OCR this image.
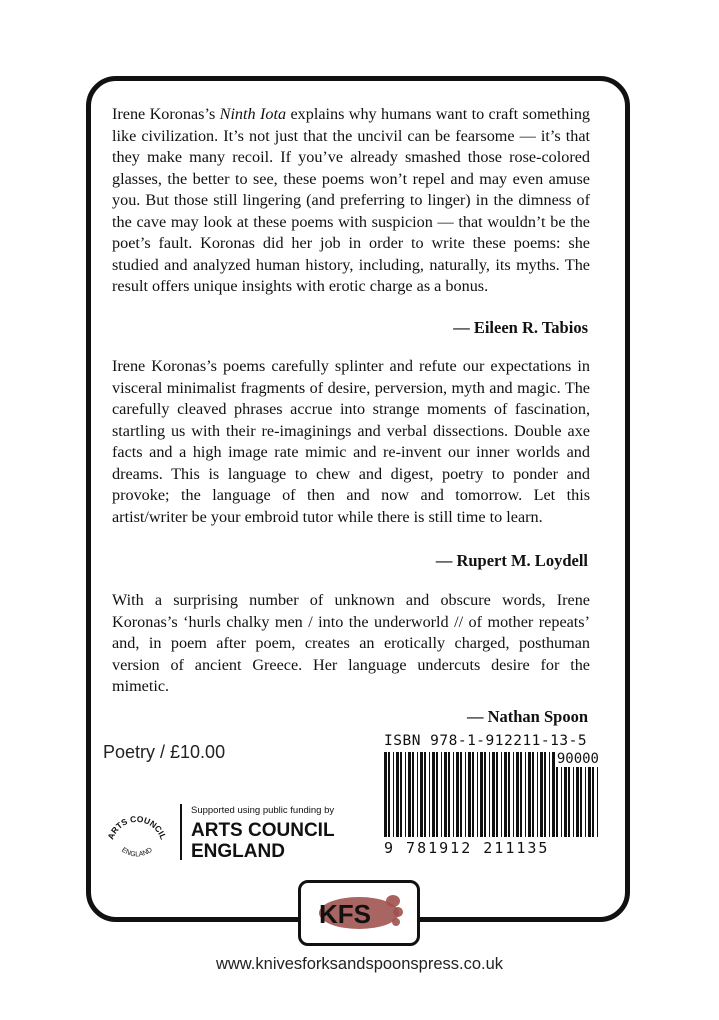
Irene Koronas’s Ninth Iota explains why humans want to craft something like civilization. It’s not just that the uncivil can be fearsome — it’s that they make many recoil. If you’ve already smashed those rose-colored glasses, the better to see, these poems won’t repel and may even amuse you. But those still lingering (and preferring to linger) in the dimness of the cave may look at these poems with suspicion — that wouldn’t be the poet’s fault. Koronas did her job in order to write these poems: she studied and analyzed human history, including, naturally, its myths. The result offers unique insights with erotic charge as a bonus.

— Eileen R. Tabios

Irene Koronas’s poems carefully splinter and refute our expectations in visceral minimalist fragments of desire, perversion, myth and magic. The carefully cleaved phrases accrue into strange moments of fascination, startling us with their re-imaginings and verbal dissections. Double axe facts and a high image rate mimic and re-invent our inner worlds and dreams. This is language to chew and digest, poetry to ponder and provoke; the language of then and now and tomorrow. Let this artist/writer be your embroid tutor while there is still time to learn.

— Rupert M. Loydell

With a surprising number of unknown and obscure words, Irene Koronas’s ‘hurls chalky men / into the underworld // of mother repeats’ and, in poem after poem, creates an erotically charged, posthuman version of ancient Greece. Her language undercuts desire for the mimetic.

— Nathan Spoon

Poetry / £10.00
ISBN 978-1-912211-13-5
90000
9 781912 211135
ARTS COUNCIL
ENGLAND
Supported using public funding by
ARTS COUNCIL
ENGLAND
KFS
www.knivesforksandspoonspress.co.uk
